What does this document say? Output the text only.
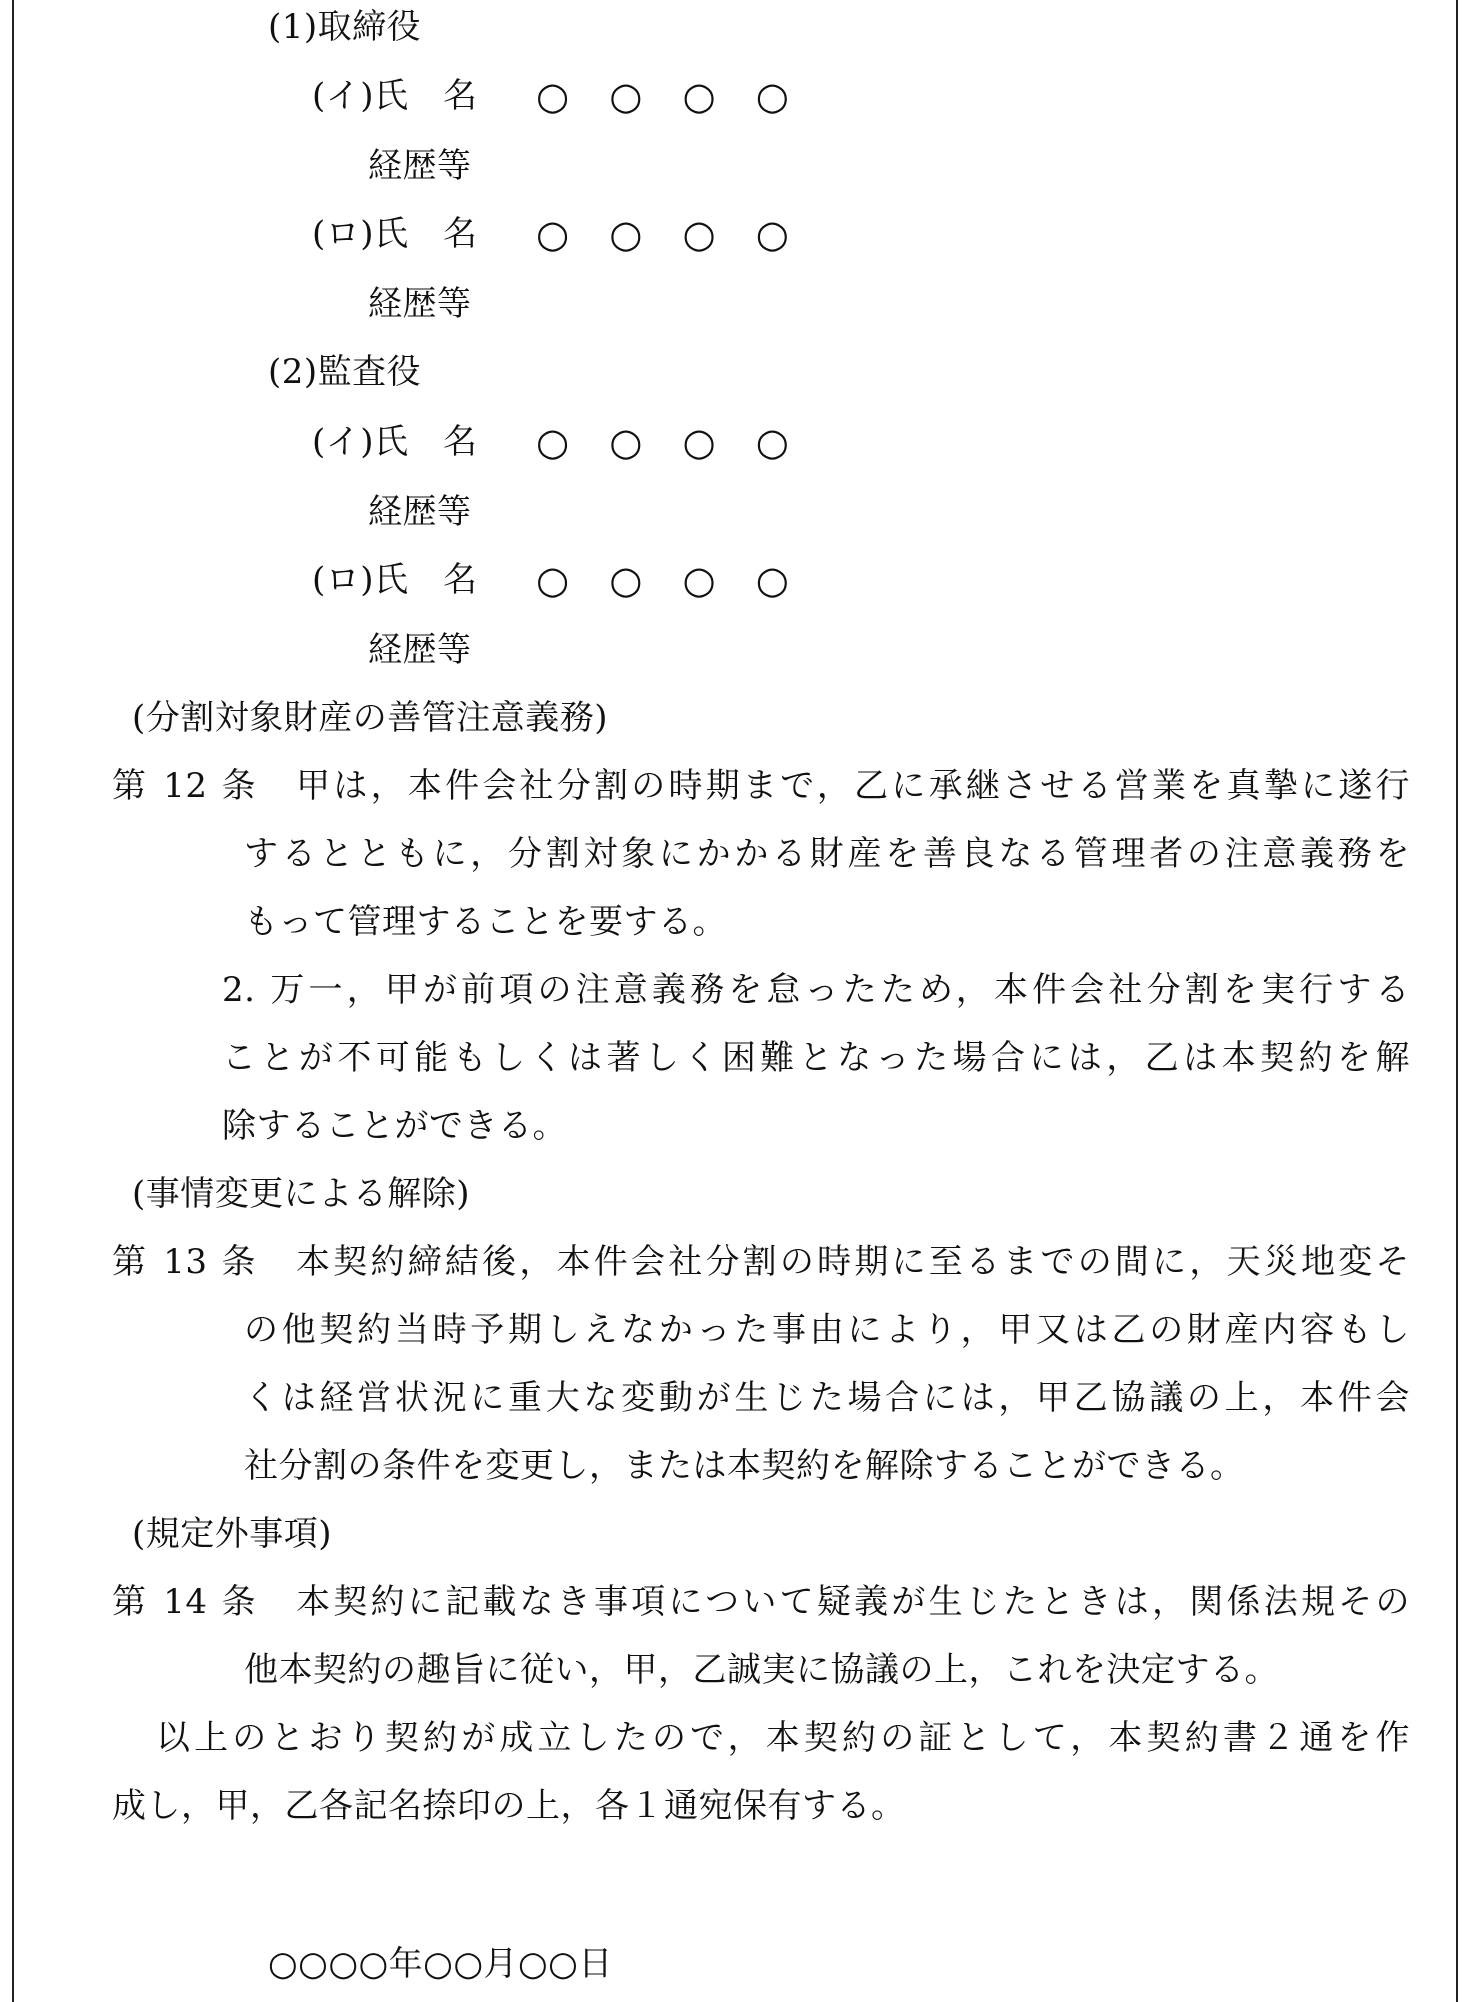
(1)取締役
(イ)氏　名 ○ ○ ○ ○
経歴等
(ロ)氏　名 ○ ○ ○ ○
経歴等
(2)監査役
(イ)氏　名 ○ ○ ○ ○
経歴等
(ロ)氏　名 ○ ○ ○ ○
経歴等
(分割対象財産の善管注意義務)
第 12 条　甲は，本件会社分割の時期まで，乙に承継させる営業を真摯に遂行
するとともに，分割対象にかかる財産を善良なる管理者の注意義務を
もって管理することを要する。
2. 万一，甲が前項の注意義務を怠ったため，本件会社分割を実行する
ことが不可能もしくは著しく困難となった場合には，乙は本契約を解
除することができる。
(事情変更による解除)
第 13 条　本契約締結後，本件会社分割の時期に至るまでの間に，天災地変そ
の他契約当時予期しえなかった事由により，甲又は乙の財産内容もし
くは経営状況に重大な変動が生じた場合には，甲乙協議の上，本件会
社分割の条件を変更し，または本契約を解除することができる。
(規定外事項)
第 14 条　本契約に記載なき事項について疑義が生じたときは，関係法規その
他本契約の趣旨に従い，甲，乙誠実に協議の上，これを決定する。
以上のとおり契約が成立したので，本契約の証として，本契約書２通を作
成し，甲，乙各記名捺印の上，各１通宛保有する。
○○○○年○○月○○日
